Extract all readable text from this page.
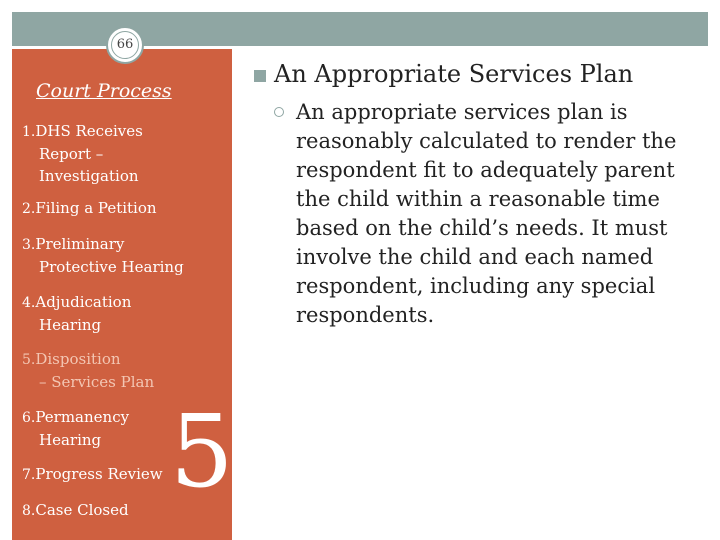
66
Court Process
1.DHS Receives
Report –
Investigation
2.Filing a Petition
3.Preliminary
Protective Hearing
4.Adjudication
Hearing
5.Disposition
– Services Plan
6.Permanency
Hearing
7.Progress Review
8.Case Closed 5
An Appropriate Services Plan
An appropriate services plan is reasonably calculated to render the respondent fit to adequately parent the child within a reasonable time based on the child’s needs. It must involve the child and each named respondent, including any special respondents.
